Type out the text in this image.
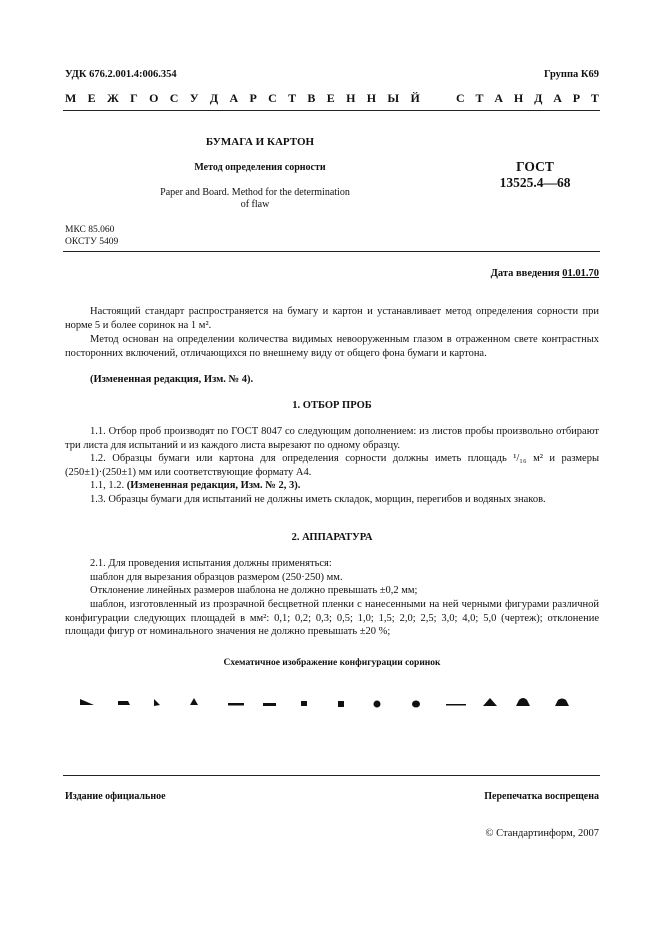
УДК 676.2.001.4:006.354	Группа К69
М Е Ж Г О С У Д А Р С Т В Е Н Н Ы Й	С Т А Н Д А Р Т
БУМАГА И КАРТОН
Метод определения сорности
Paper and Board. Method for the determination
of flaw
ГОСТ
13525.4—68
МКС 85.060
ОКСТУ 5409
Дата введения 01.01.70
Настоящий стандарт распространяется на бумагу и картон и устанавливает метод определения сорности при норме 5 и более соринок на 1 м².
Метод основан на определении количества видимых невооруженным глазом в отраженном свете контрастных посторонних включений, отличающихся по внешнему виду от общего фона бумаги и картона.
(Измененная редакция, Изм. № 4).
1. ОТБОР ПРОБ
1.1. Отбор проб производят по ГОСТ 8047 со следующим дополнением: из листов пробы произвольно отбирают три листа для испытаний и из каждого листа вырезают по одному образцу.
1.2. Образцы бумаги или картона для определения сорности должны иметь площадь ¹/₁₆ м² и размеры (250±1)·(250±1) мм или соответствующие формату А4.
1.1, 1.2. (Измененная редакция, Изм. № 2, 3).
1.3. Образцы бумаги для испытаний не должны иметь складок, морщин, перегибов и водяных знаков.
2. АППАРАТУРА
2.1. Для проведения испытания должны применяться:
шаблон для вырезания образцов размером (250·250) мм.
Отклонение линейных размеров шаблона не должно превышать ±0,2 мм;
шаблон, изготовленный из прозрачной бесцветной пленки с нанесенными на ней черными фигурами различной конфигурации следующих площадей в мм²: 0,1; 0,2; 0,3; 0,5; 1,0; 1,5; 2,0; 2,5; 3,0; 4,0; 5,0 (чертеж); отклонение площади фигур от номинального значения не должно превышать ±20 %;
Схематичное изображение конфигурации соринок
Издание официальное	Перепечатка воспрещена
© Стандартинформ, 2007
